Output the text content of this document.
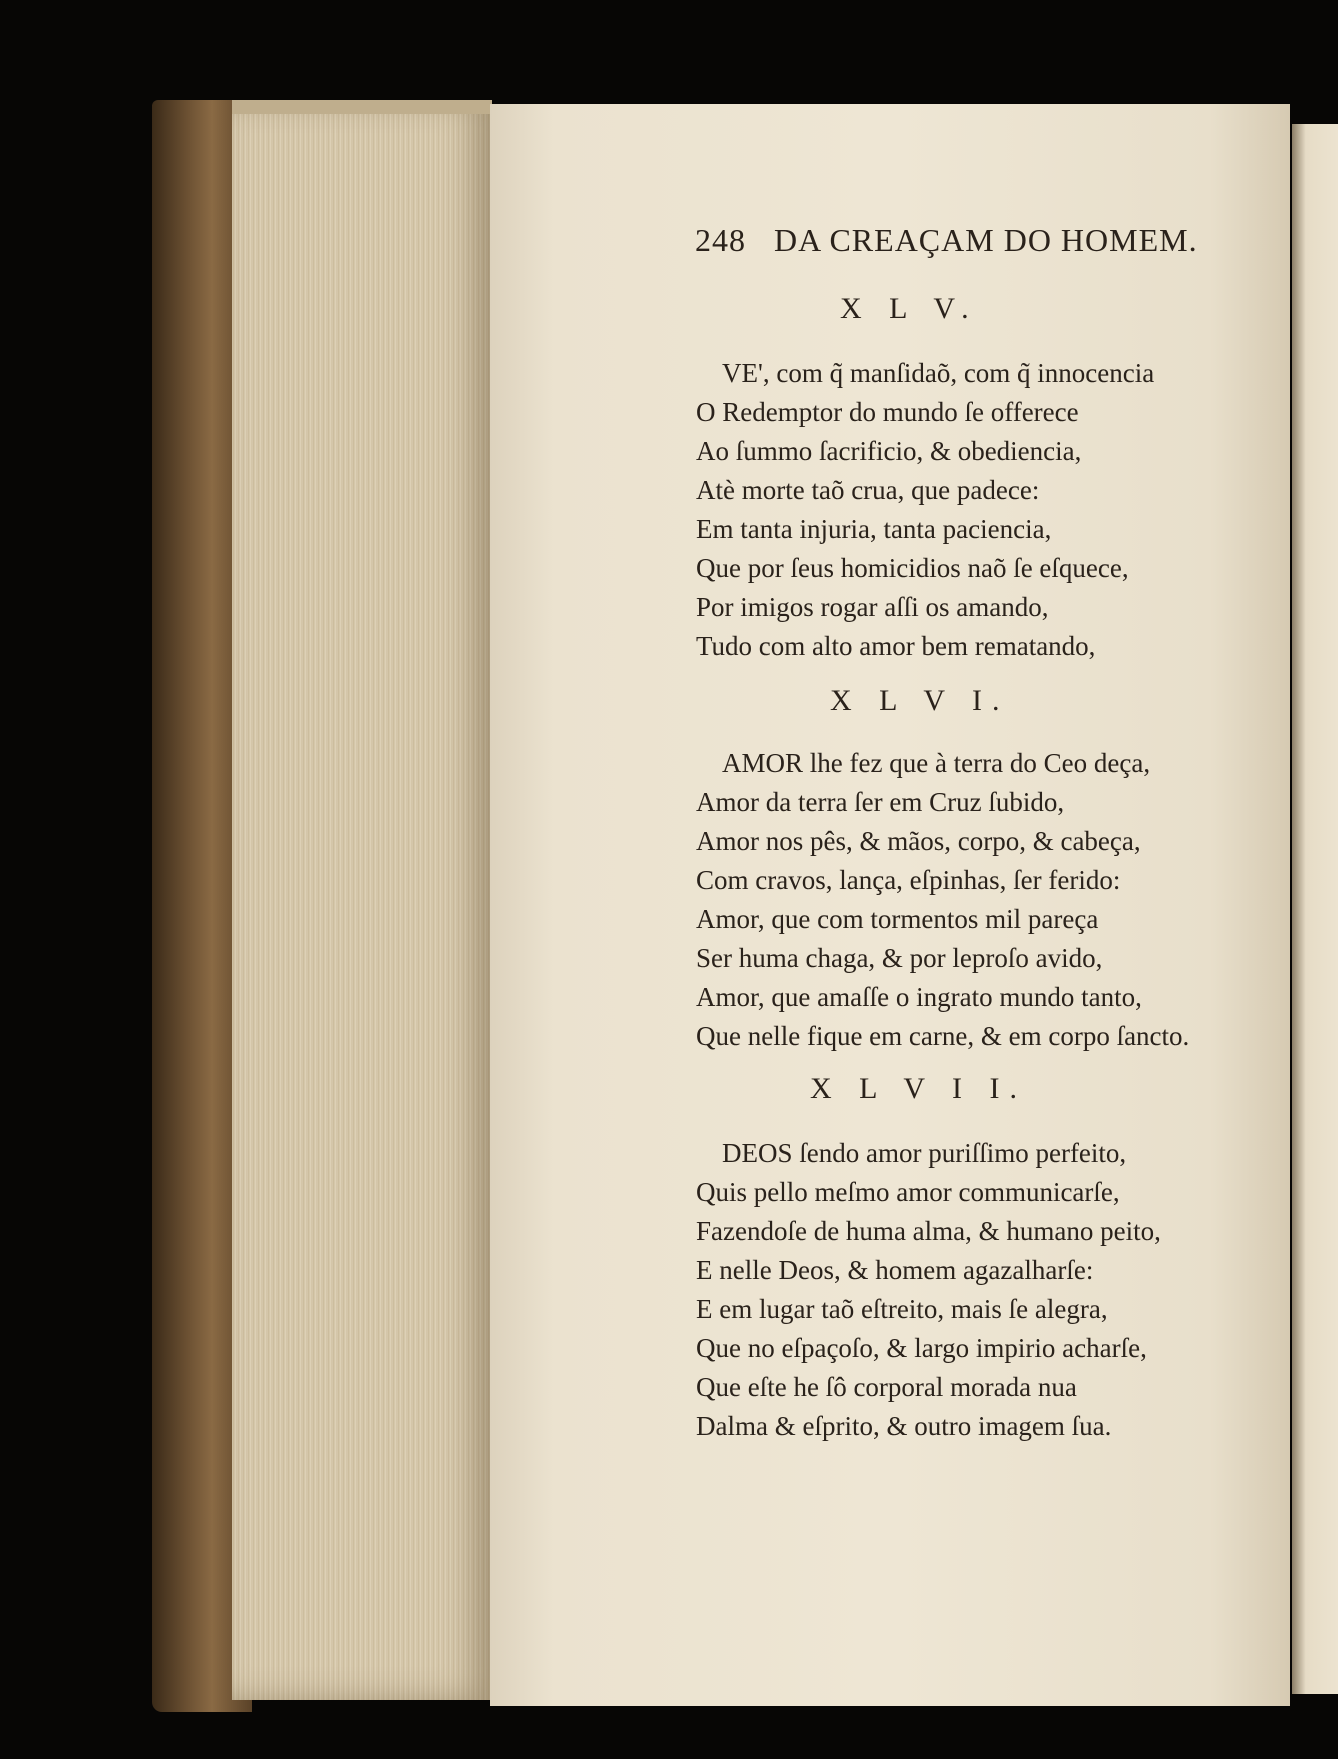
248 DA CREAÇAM DO HOMEM.
X L V.
VE', com q̃ manſidaõ, com q̃ innocencia
O Redemptor do mundo ſe offerece
Ao ſummo ſacrificio, & obediencia,
Atè morte taõ crua, que padece:
Em tanta injuria, tanta paciencia,
Que por ſeus homicidios naõ ſe eſquece,
Por imigos rogar aſſi os amando,
Tudo com alto amor bem rematando,
X L V I.
AMOR lhe fez que à terra do Ceo deça,
Amor da terra ſer em Cruz ſubido,
Amor nos pês, & mãos, corpo, & cabeça,
Com cravos, lança, eſpinhas, ſer ferido:
Amor, que com tormentos mil pareça
Ser huma chaga, & por leproſo avido,
Amor, que amaſſe o ingrato mundo tanto,
Que nelle fique em carne, & em corpo ſancto.
X L V I I.
DEOS ſendo amor puriſſimo perfeito,
Quis pello meſmo amor communicarſe,
Fazendoſe de huma alma, & humano peito,
E nelle Deos, & homem agazalharſe:
E em lugar taõ eſtreito, mais ſe alegra,
Que no eſpaçoſo, & largo impirio acharſe,
Que eſte he ſô corporal morada nua
Dalma & eſprito, & outro imagem ſua.
